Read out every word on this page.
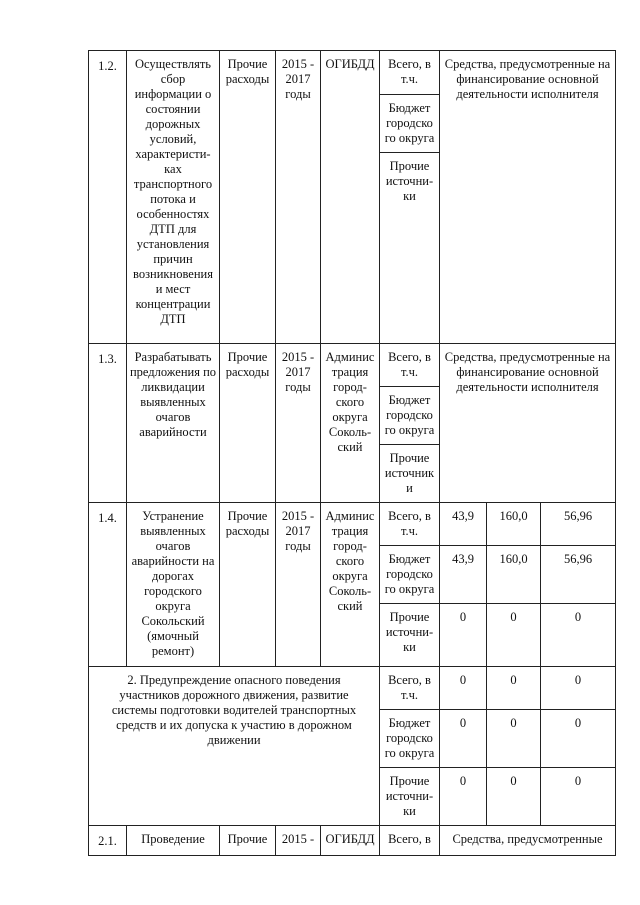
1.2.	Осуществлять сбор информации о состоянии дорожных условий, характеристи-ках транспортного потока и особенностях ДТП для установления причин возникновения и мест концентрации ДТП	Прочие расходы	2015 - 2017 годы	ОГИБДД	Всего, в т.ч.	Средства, предусмотренные на финансирование основной деятельности исполнителя		
					Бюджет городско го округа			
					Прочие источни-ки			
1.3.	Разрабатывать предложения по ликвидации выявленных очагов аварийности	Прочие расходы	2015 - 2017 годы	Админис трация город-ского округа Соколь-ский	Всего, в т.ч.	Средства, предусмотренные на финансирование основной деятельности исполнителя		
					Бюджет городско го округа			
					Прочие источник и			
1.4.	Устранение выявленных очагов аварийности на дорогах городского округа Сокольский (ямочный ремонт)	Прочие расходы	2015 - 2017 годы	Админис трация город-ского округа Соколь-ский	Всего, в т.ч.	43,9	160,0	56,96
					Бюджет городско го округа	43,9	160,0	56,96
					Прочие источни-ки	0	0	0
2. Предупреждение опасного поведения участников дорожного движения, развитие системы подготовки водителей транспортных средств и их допуска к участию в дорожном движении					Всего, в т.ч.	0	0	0
					Бюджет городско го округа	0	0	0
					Прочие источни-ки	0	0	0
2.1.	Проведение	Прочие	2015 -	ОГИБДД	Всего, в	Средства, предусмотренные		
